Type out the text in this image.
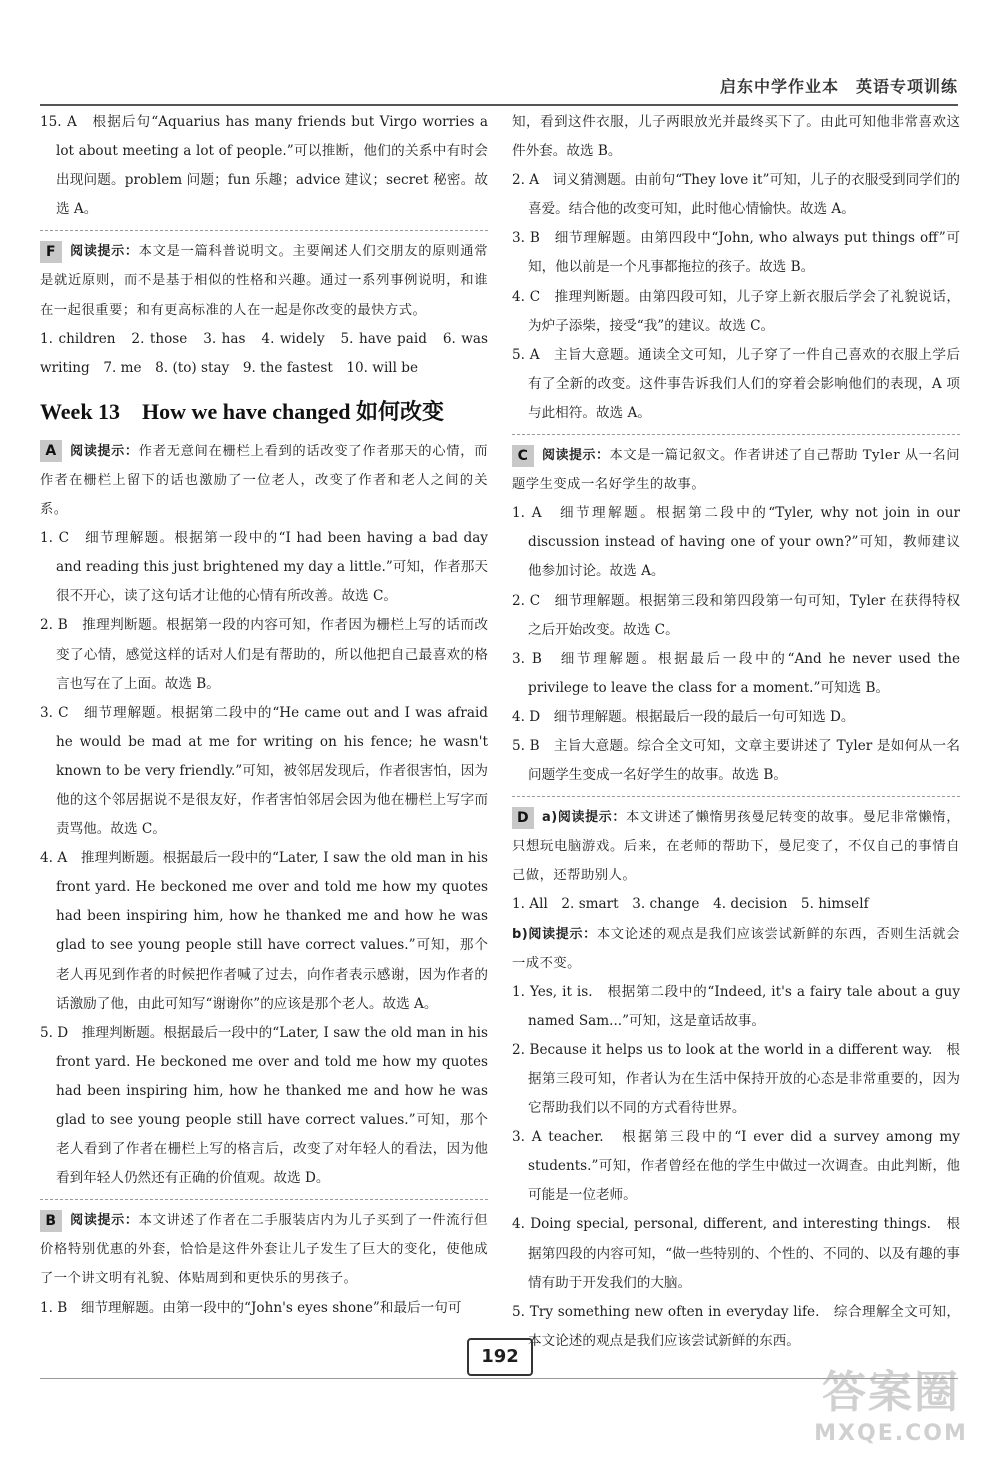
启东中学作业本　英语专项训练

15. A　根据后句“Aquarius has many friends but Virgo worries a lot about meeting a lot of people.”可以推断，他们的关系中有时会出现问题。problem 问题；fun 乐趣；advice 建议；secret 秘密。故选 A。

F 阅读提示：本文是一篇科普说明文。主要阐述人们交朋友的原则通常是就近原则，而不是基于相似的性格和兴趣。通过一系列事例说明，和谁在一起很重要；和有更高标准的人在一起是你改变的最快方式。

1. children　2. those　3. has　4. widely　5. have paid　6. was writing　7. me　8. (to) stay　9. the fastest　10. will be

Week 13　How we have changed 如何改变

A 阅读提示：作者无意间在栅栏上看到的话改变了作者那天的心情，而作者在栅栏上留下的话也激励了一位老人，改变了作者和老人之间的关系。

1. C　细节理解题。根据第一段中的“I had been having a bad day and reading this just brightened my day a little.”可知，作者那天很不开心，读了这句话才让他的心情有所改善。故选 C。

2. B　推理判断题。根据第一段的内容可知，作者因为栅栏上写的话而改变了心情，感觉这样的话对人们是有帮助的，所以他把自己最喜欢的格言也写在了上面。故选 B。

3. C　细节理解题。根据第二段中的“He came out and I was afraid he would be mad at me for writing on his fence; he wasn't known to be very friendly.”可知，被邻居发现后，作者很害怕，因为他的这个邻居据说不是很友好，作者害怕邻居会因为他在栅栏上写字而责骂他。故选 C。

4. A　推理判断题。根据最后一段中的“Later, I saw the old man in his front yard. He beckoned me over and told me how my quotes had been inspiring him, how he thanked me and how he was glad to see young people still have correct values.”可知，那个老人再见到作者的时候把作者喊了过去，向作者表示感谢，因为作者的话激励了他，由此可知写“谢谢你”的应该是那个老人。故选 A。

5. D　推理判断题。根据最后一段中的“Later, I saw the old man in his front yard. He beckoned me over and told me how my quotes had been inspiring him, how he thanked me and how he was glad to see young people still have correct values.”可知，那个老人看到了作者在栅栏上写的格言后，改变了对年轻人的看法，因为他看到年轻人仍然还有正确的价值观。故选 D。

B 阅读提示：本文讲述了作者在二手服装店内为儿子买到了一件流行但价格特别优惠的外套，恰恰是这件外套让儿子发生了巨大的变化，使他成了一个讲文明有礼貌、体贴周到和更快乐的男孩子。

1. B　细节理解题。由第一段中的“John's eyes shone”和最后一句可

知，看到这件衣服，儿子两眼放光并最终买下了。由此可知他非常喜欢这件外套。故选 B。

2. A　词义猜测题。由前句“They love it”可知，儿子的衣服受到同学们的喜爱。结合他的改变可知，此时他心情愉快。故选 A。

3. B　细节理解题。由第四段中“John, who always put things off”可知，他以前是一个凡事都拖拉的孩子。故选 B。

4. C　推理判断题。由第四段可知，儿子穿上新衣服后学会了礼貌说话，为炉子添柴，接受“我”的建议。故选 C。

5. A　主旨大意题。通读全文可知，儿子穿了一件自己喜欢的衣服上学后有了全新的改变。这件事告诉我们人们的穿着会影响他们的表现，A 项与此相符。故选 A。

C 阅读提示：本文是一篇记叙文。作者讲述了自己帮助 Tyler 从一名问题学生变成一名好学生的故事。

1. A　细节理解题。根据第二段中的“Tyler, why not join in our discussion instead of having one of your own?”可知，教师建议他参加讨论。故选 A。

2. C　细节理解题。根据第三段和第四段第一句可知，Tyler 在获得特权之后开始改变。故选 C。

3. B　细节理解题。根据最后一段中的“And he never used the privilege to leave the class for a moment.”可知选 B。

4. D　细节理解题。根据最后一段的最后一句可知选 D。

5. B　主旨大意题。综合全文可知，文章主要讲述了 Tyler 是如何从一名问题学生变成一名好学生的故事。故选 B。

D a)阅读提示：本文讲述了懒惰男孩曼尼转变的故事。曼尼非常懒惰，只想玩电脑游戏。后来，在老师的帮助下，曼尼变了，不仅自己的事情自己做，还帮助别人。

1. All　2. smart　3. change　4. decision　5. himself

b)阅读提示：本文论述的观点是我们应该尝试新鲜的东西，否则生活就会一成不变。

1. Yes, it is.　根据第二段中的“Indeed, it's a fairy tale about a guy named Sam...”可知，这是童话故事。

2. Because it helps us to look at the world in a different way.　根据第三段可知，作者认为在生活中保持开放的心态是非常重要的，因为它帮助我们以不同的方式看待世界。

3. A teacher.　根据第三段中的“I ever did a survey among my students.”可知，作者曾经在他的学生中做过一次调查。由此判断，他可能是一位老师。

4. Doing special, personal, different, and interesting things.　根据第四段的内容可知，“做一些特别的、个性的、不同的、以及有趣的事情有助于开发我们的大脑。

5. Try something new often in everyday life.　综合理解全文可知，本文论述的观点是我们应该尝试新鲜的东西。

192
答案圈
MXQE.COM
